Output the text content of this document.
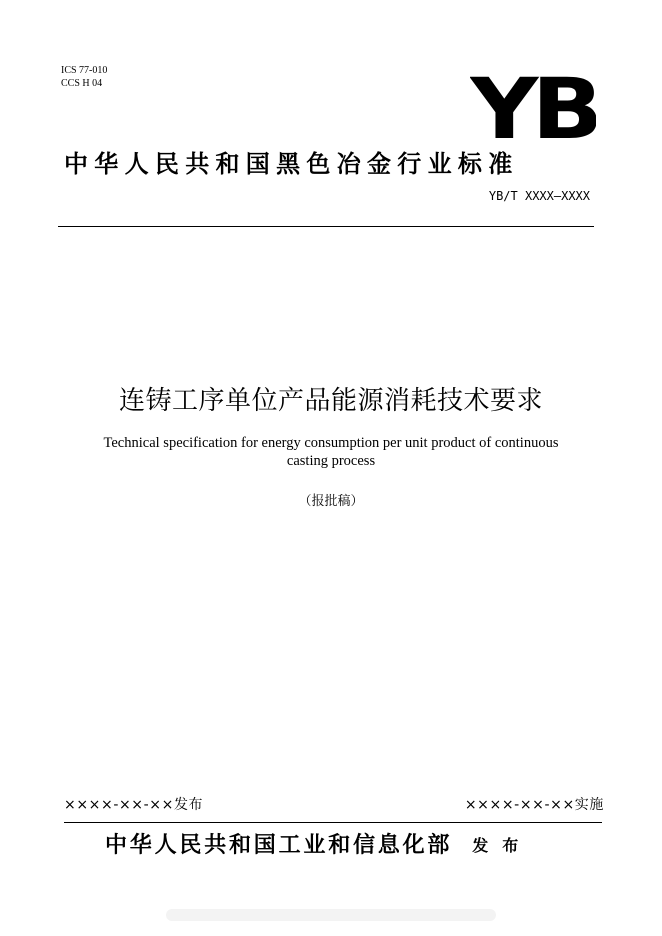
ICS 77-010
CCS H 04	YB
中华人民共和国黑色冶金行业标准
YB/T XXXX—XXXX
连铸工序单位产品能源消耗技术要求
Technical specification for energy consumption per unit product of continuous
casting process
（报批稿）
××××-××-××发布	××××-××-××实施
中华人民共和国工业和信息化部 发布
